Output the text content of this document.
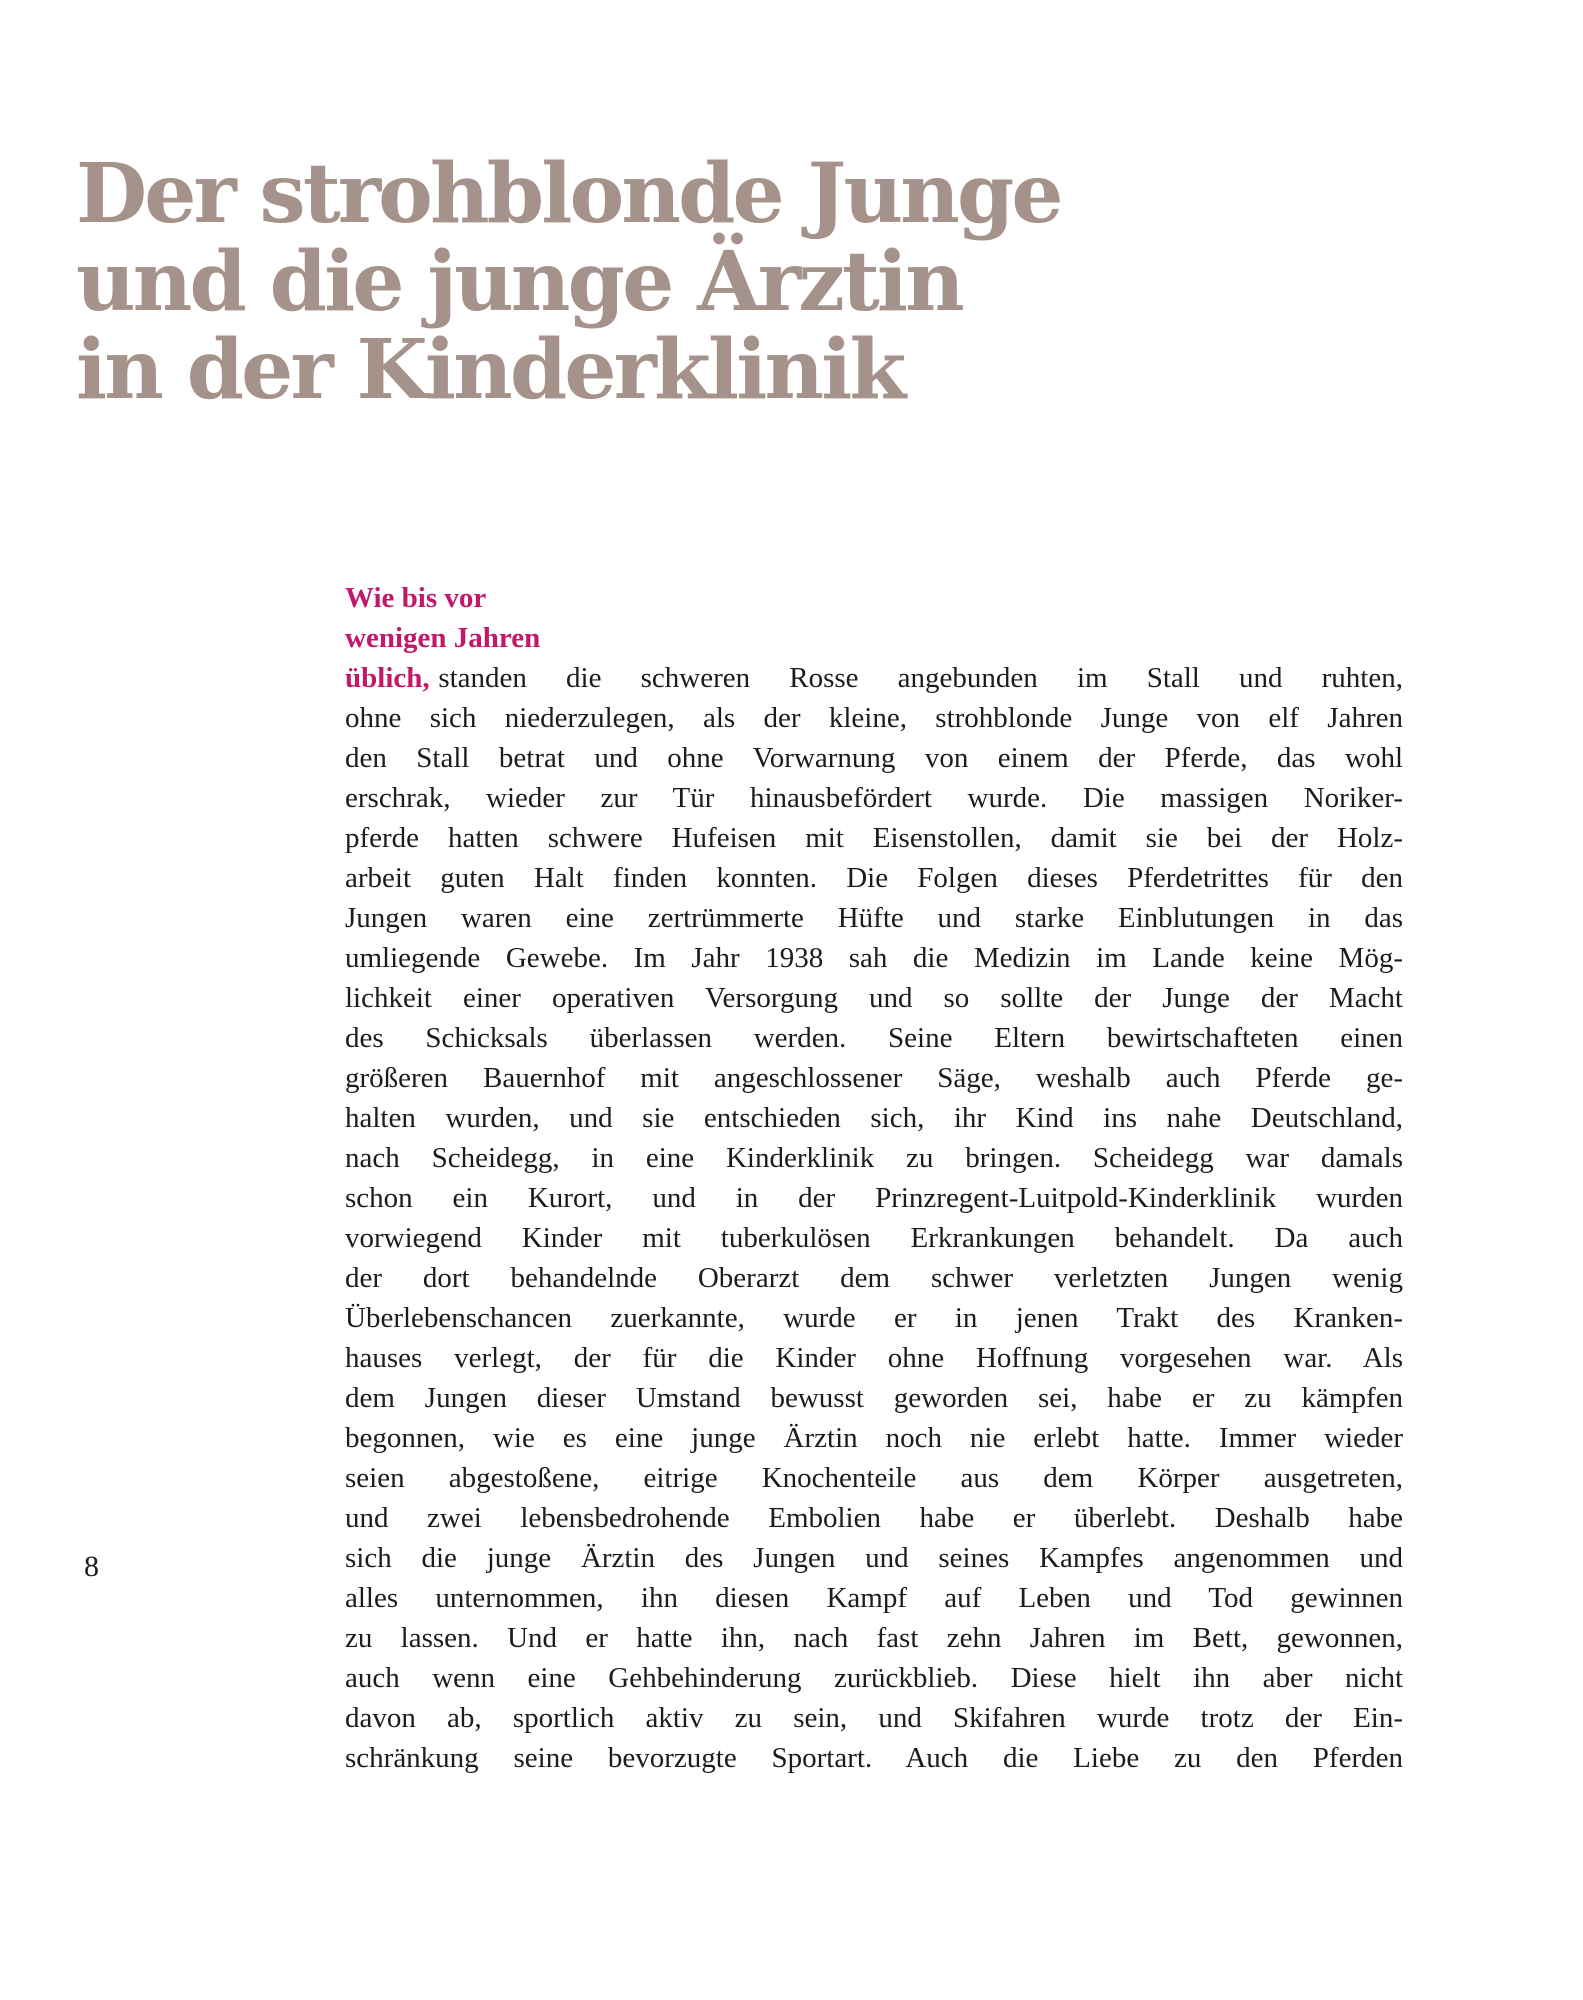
Der strohblonde Junge
und die junge Ärztin
in der Kinderklinik
Wie bis vor
wenigen Jahren
üblich, standen die schweren Rosse angebunden im Stall und ruhten,
ohne sich niederzulegen, als der kleine, strohblonde Junge von elf Jahren
den Stall betrat und ohne Vorwarnung von einem der Pferde, das wohl
erschrak, wieder zur Tür hinausbefördert wurde. Die massigen Noriker-
pferde hatten schwere Hufeisen mit Eisenstollen, damit sie bei der Holz-
arbeit guten Halt finden konnten. Die Folgen dieses Pferdetrittes für den
Jungen waren eine zertrümmerte Hüfte und starke Einblutungen in das
umliegende Gewebe. Im Jahr 1938 sah die Medizin im Lande keine Mög-
lichkeit einer operativen Versorgung und so sollte der Junge der Macht
des Schicksals überlassen werden. Seine Eltern bewirtschafteten einen
größeren Bauernhof mit angeschlossener Säge, weshalb auch Pferde ge-
halten wurden, und sie entschieden sich, ihr Kind ins nahe Deutschland,
nach Scheidegg, in eine Kinderklinik zu bringen. Scheidegg war damals
schon ein Kurort, und in der Prinzregent-Luitpold-Kinderklinik wurden
vorwiegend Kinder mit tuberkulösen Erkrankungen behandelt. Da auch
der dort behandelnde Oberarzt dem schwer verletzten Jungen wenig
Überlebenschancen zuerkannte, wurde er in jenen Trakt des Kranken-
hauses verlegt, der für die Kinder ohne Hoffnung vorgesehen war. Als
dem Jungen dieser Umstand bewusst geworden sei, habe er zu kämpfen
begonnen, wie es eine junge Ärztin noch nie erlebt hatte. Immer wieder
seien abgestoßene, eitrige Knochenteile aus dem Körper ausgetreten,
und zwei lebensbedrohende Embolien habe er überlebt. Deshalb habe
sich die junge Ärztin des Jungen und seines Kampfes angenommen und
alles unternommen, ihn diesen Kampf auf Leben und Tod gewinnen
zu lassen. Und er hatte ihn, nach fast zehn Jahren im Bett, gewonnen,
auch wenn eine Gehbehinderung zurückblieb. Diese hielt ihn aber nicht
davon ab, sportlich aktiv zu sein, und Skifahren wurde trotz der Ein-
schränkung seine bevorzugte Sportart. Auch die Liebe zu den Pferden
8
